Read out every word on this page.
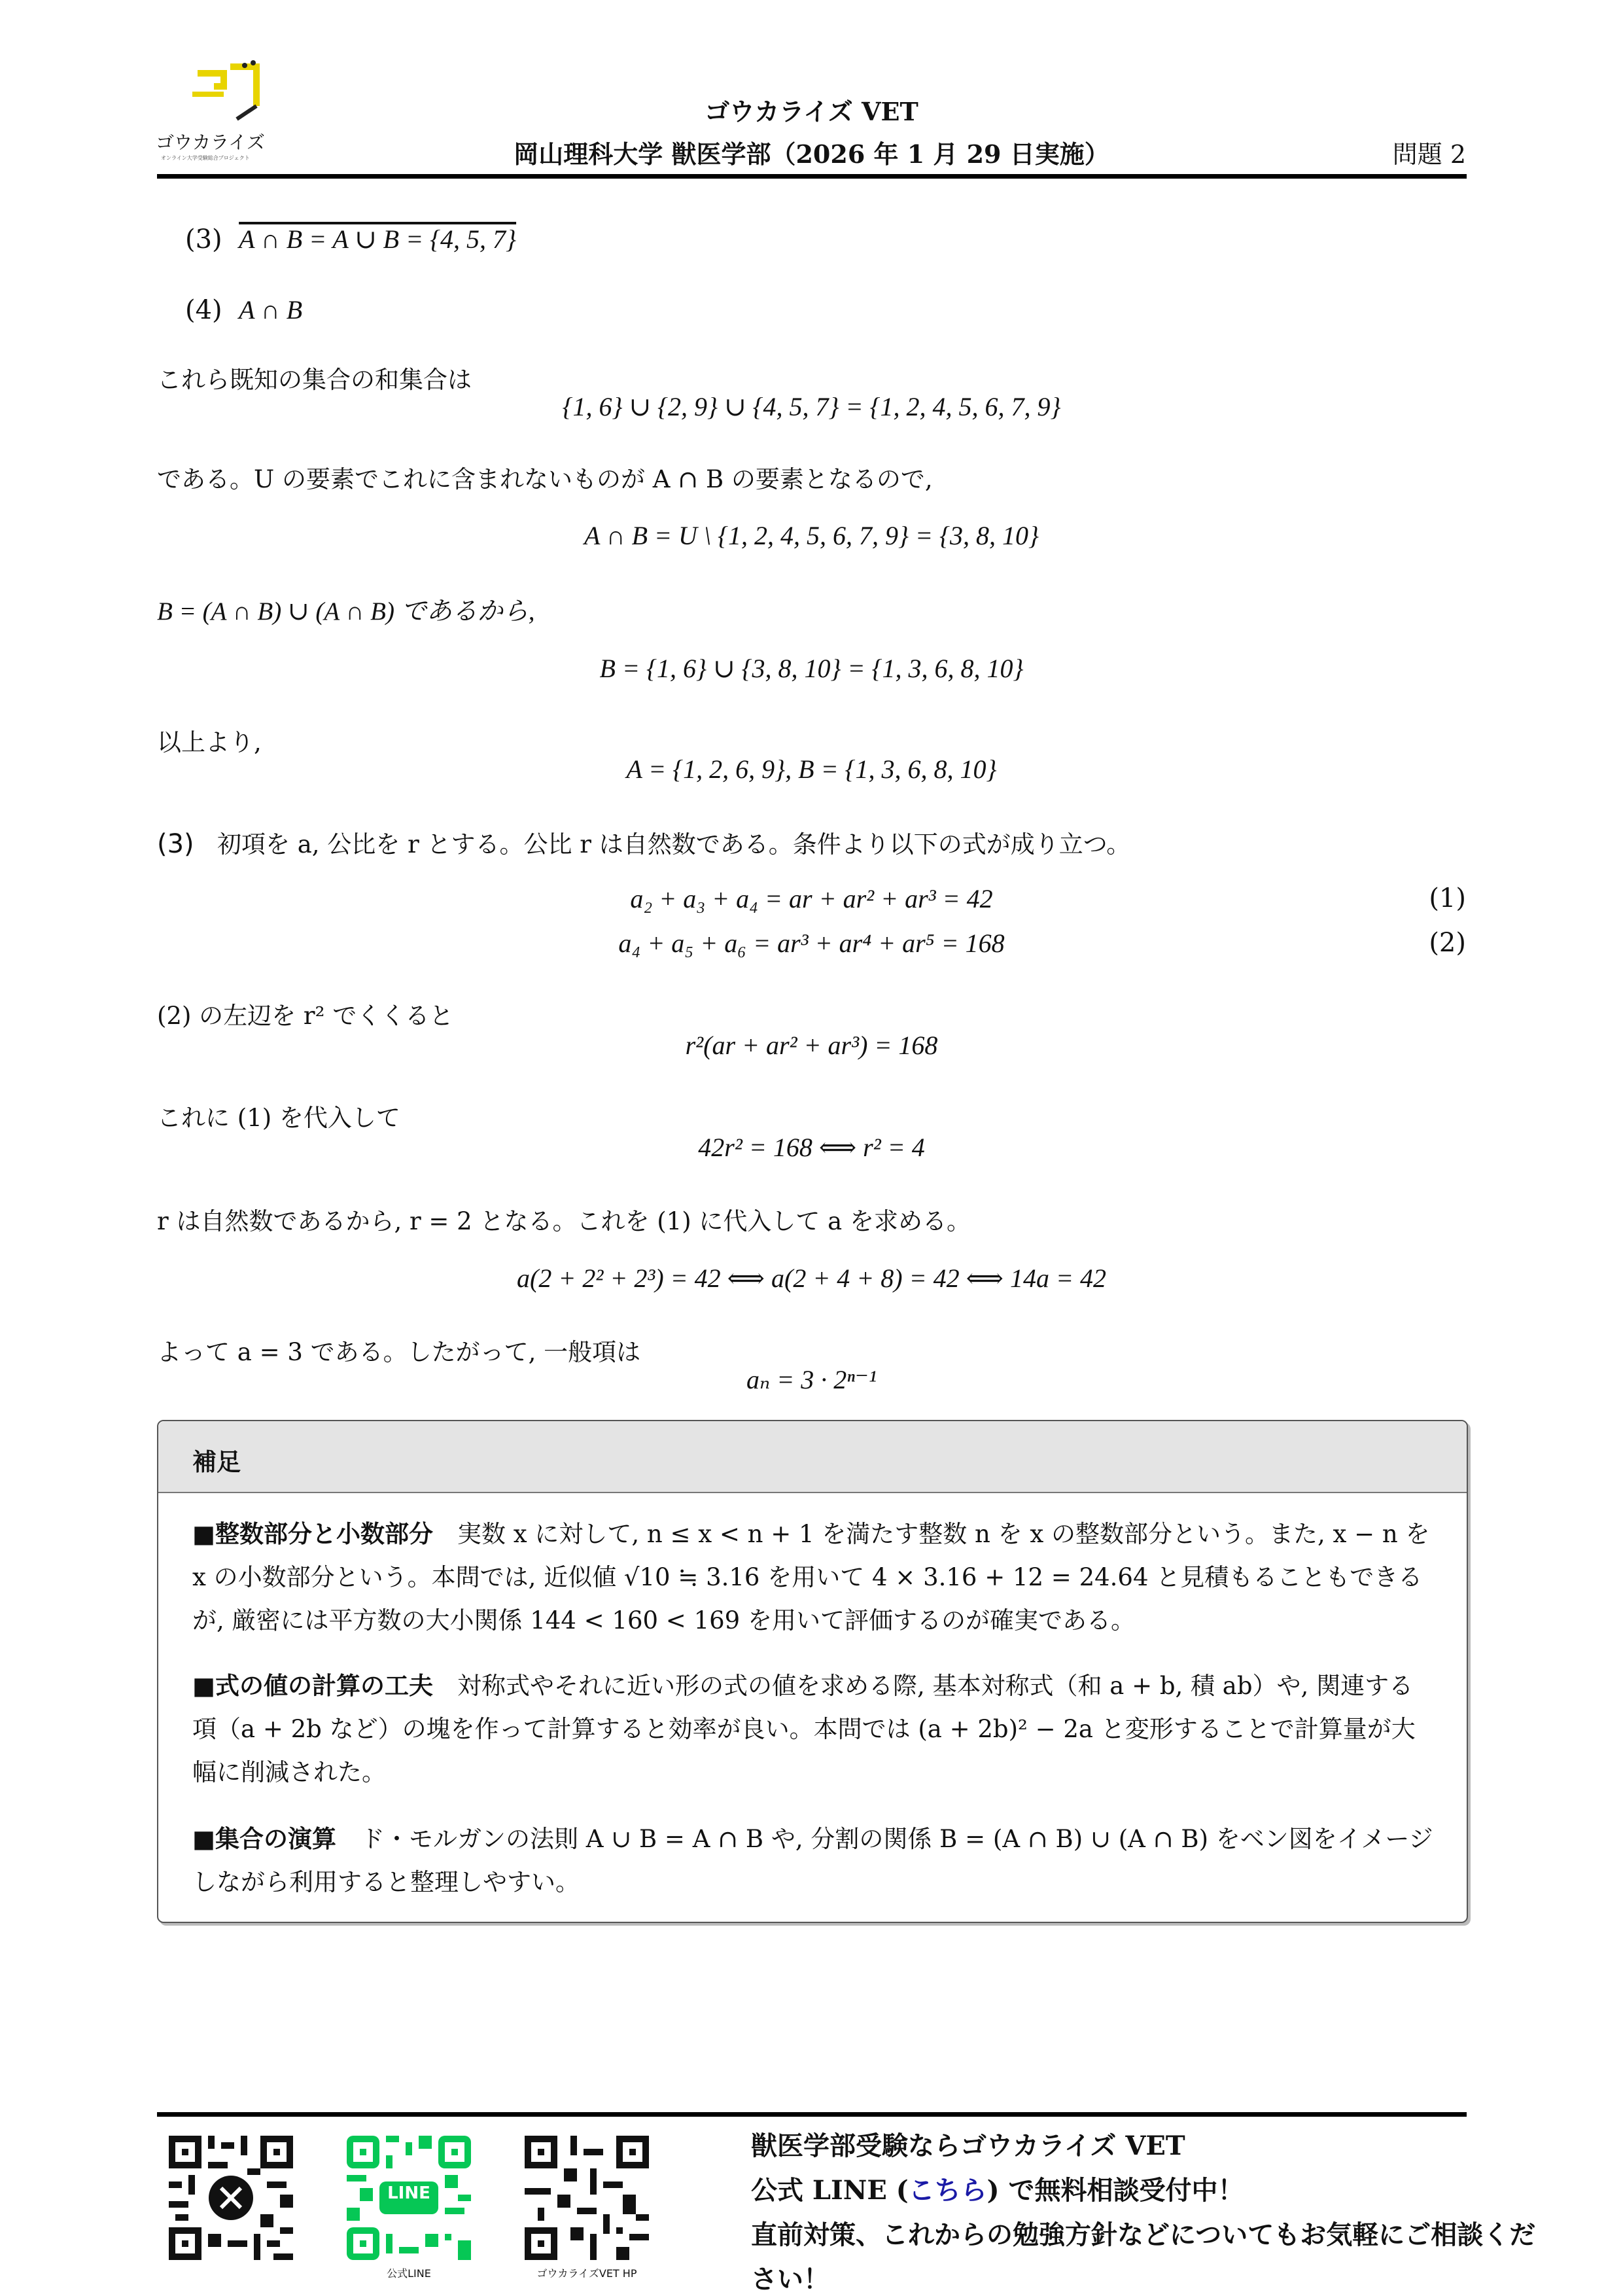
ゴウカライズ
オンライン大学受験総合プロジェクト
ゴウカライズ VET
岡山理科大学 獣医学部（2026 年 1 月 29 日実施）	問題 2
(3) A ∩ B = A ∪ B = {4, 5, 7}
(4) A ∩ B
これら既知の集合の和集合は
{1, 6} ∪ {2, 9} ∪ {4, 5, 7} = {1, 2, 4, 5, 6, 7, 9}
である。U の要素でこれに含まれないものが A ∩ B の要素となるので,
A ∩ B = U \ {1, 2, 4, 5, 6, 7, 9} = {3, 8, 10}
B = (A ∩ B) ∪ (A ∩ B) であるから,
B = {1, 6} ∪ {3, 8, 10} = {1, 3, 6, 8, 10}
以上より,
A = {1, 2, 6, 9}, B = {1, 3, 6, 8, 10}
(3) 初項を a, 公比を r とする。公比 r は自然数である。条件より以下の式が成り立つ。
a₂ + a₃ + a₄ = ar + ar² + ar³ = 42	(1)
a₄ + a₅ + a₆ = ar³ + ar⁴ + ar⁵ = 168	(2)
(2) の左辺を r² でくくると
r²(ar + ar² + ar³) = 168
これに (1) を代入して
42r² = 168 ⟺ r² = 4
r は自然数であるから, r = 2 となる。これを (1) に代入して a を求める。
a(2 + 2² + 2³) = 42 ⟺ a(2 + 4 + 8) = 42 ⟺ 14a = 42
よって a = 3 である。したがって, 一般項は
aₙ = 3 · 2ⁿ⁻¹
補足
■整数部分と小数部分　実数 x に対して, n ≤ x < n + 1 を満たす整数 n を x の整数部分という。また, x − n を x の小数部分という。本問では, 近似値 √10 ≒ 3.16 を用いて 4 × 3.16 + 12 = 24.64 と見積もることもできるが, 厳密には平方数の大小関係 144 < 160 < 169 を用いて評価するのが確実である。
■式の値の計算の工夫　対称式やそれに近い形の式の値を求める際, 基本対称式（和 a + b, 積 ab）や, 関連する項（a + 2b など）の塊を作って計算すると効率が良い。本問では (a + 2b)² − 2a と変形することで計算量が大幅に削減された。
■集合の演算　ド・モルガンの法則 A ∪ B = A ∩ B や, 分割の関係 B = (A ∩ B) ∪ (A ∩ B) をベン図をイメージしながら利用すると整理しやすい。
LINE
公式LINE	ゴウカライズVET HP
獣医学部受験ならゴウカライズ VET
公式 LINE (こちら) で無料相談受付中！
直前対策、これからの勉強方針などについてもお気軽にご相談くだ
さい！
